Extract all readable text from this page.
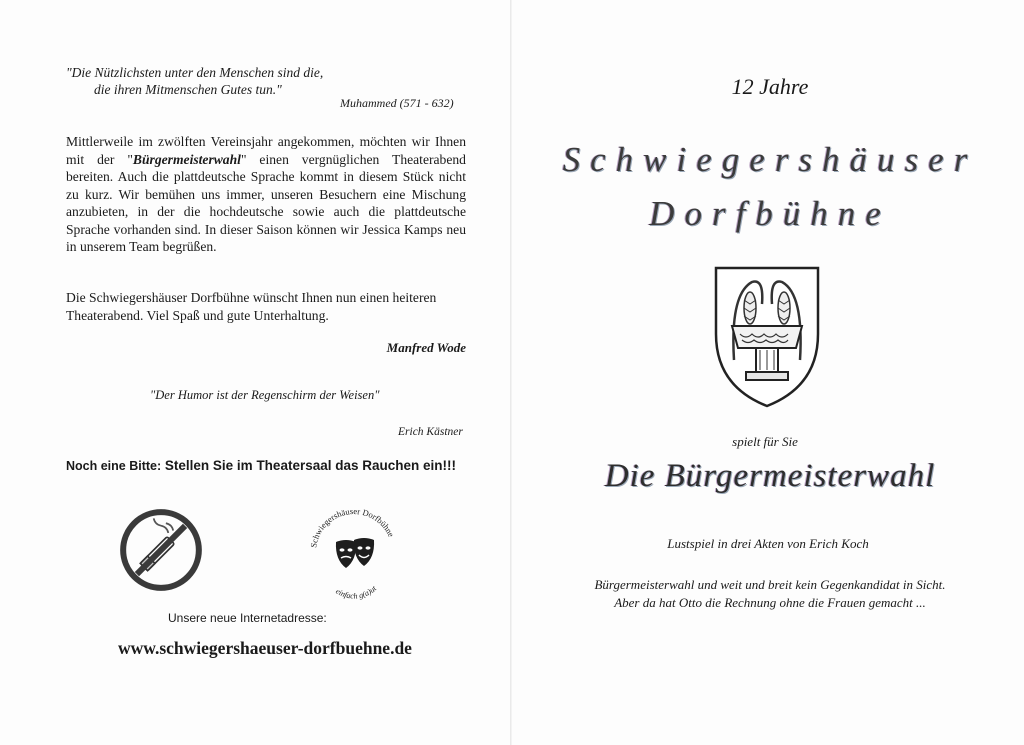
"Die Nützlichsten unter den Menschen sind die,
die ihren Mitmenschen Gutes tun."
Muhammed (571 - 632)
Mittlerweile im zwölften Vereinsjahr angekommen, möchten wir Ihnen mit der "Bürgermeisterwahl" einen vergnüglichen Theaterabend bereiten. Auch die plattdeutsche Sprache kommt in diesem Stück nicht zu kurz. Wir bemühen uns immer, unseren Besuchern eine Mischung anzubieten, in der die hochdeutsche sowie auch die plattdeutsche Sprache vorhanden sind. In dieser Saison können wir Jessica Kamps neu in unserem Team begrüßen.
Die Schwiegershäuser Dorfbühne wünscht Ihnen nun einen heiteren Theaterabend. Viel Spaß und gute Unterhaltung.
Manfred Wode
"Der Humor ist der Regenschirm der Weisen"
Erich Kästner
Noch eine Bitte: Stellen Sie im Theatersaal das Rauchen ein!!!
Schwiegershäuser Dorfbühne
einfach g(a)ut
Unsere neue Internetadresse:
www.schwiegershaeuser-dorfbuehne.de
12 Jahre
Schwiegershäuser
Dorfbühne
spielt für Sie
Die Bürgermeisterwahl
Lustspiel in drei Akten von Erich Koch
Bürgermeisterwahl und weit und breit kein Gegenkandidat in Sicht.
Aber da hat Otto die Rechnung ohne die Frauen gemacht ...
